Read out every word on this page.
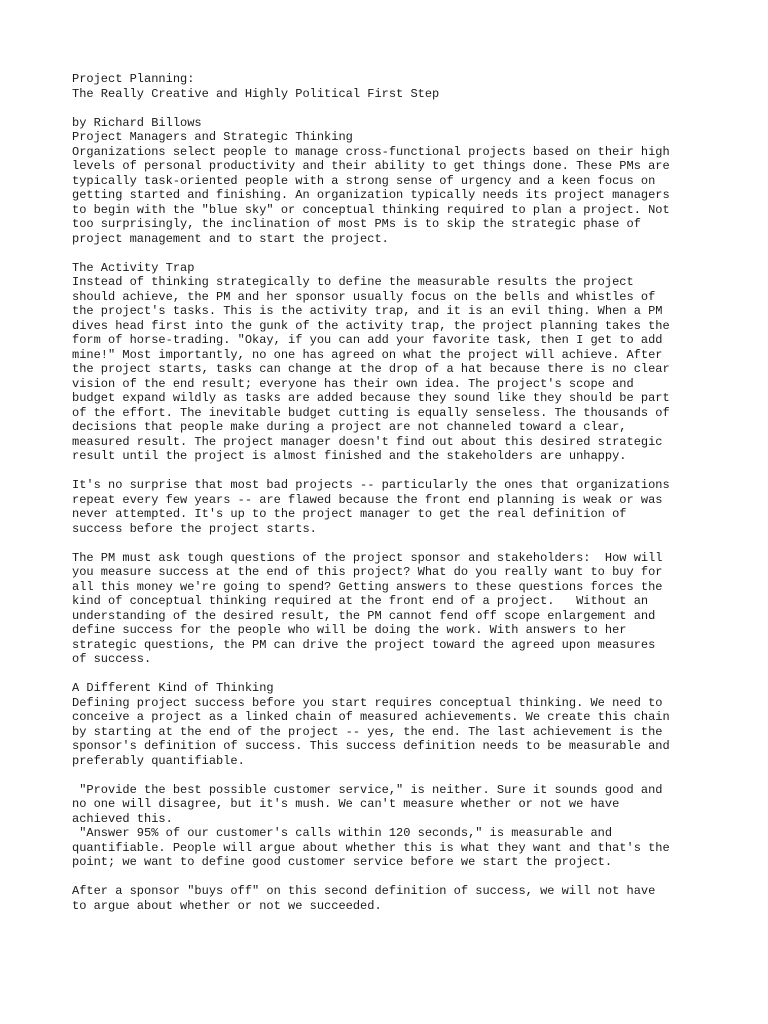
Project Planning:
The Really Creative and Highly Political First Step
by Richard Billows
Project Managers and Strategic Thinking
Organizations select people to manage cross-functional projects based on their high
levels of personal productivity and their ability to get things done. These PMs are
typically task-oriented people with a strong sense of urgency and a keen focus on
getting started and finishing. An organization typically needs its project managers
to begin with the "blue sky" or conceptual thinking required to plan a project. Not
too surprisingly, the inclination of most PMs is to skip the strategic phase of
project management and to start the project.
The Activity Trap
Instead of thinking strategically to define the measurable results the project
should achieve, the PM and her sponsor usually focus on the bells and whistles of
the project's tasks. This is the activity trap, and it is an evil thing. When a PM
dives head first into the gunk of the activity trap, the project planning takes the
form of horse-trading. "Okay, if you can add your favorite task, then I get to add
mine!" Most importantly, no one has agreed on what the project will achieve. After
the project starts, tasks can change at the drop of a hat because there is no clear
vision of the end result; everyone has their own idea. The project's scope and
budget expand wildly as tasks are added because they sound like they should be part
of the effort. The inevitable budget cutting is equally senseless. The thousands of
decisions that people make during a project are not channeled toward a clear,
measured result. The project manager doesn't find out about this desired strategic
result until the project is almost finished and the stakeholders are unhappy.
It's no surprise that most bad projects -- particularly the ones that organizations
repeat every few years -- are flawed because the front end planning is weak or was
never attempted. It's up to the project manager to get the real definition of
success before the project starts.
The PM must ask tough questions of the project sponsor and stakeholders:  How will
you measure success at the end of this project? What do you really want to buy for
all this money we're going to spend? Getting answers to these questions forces the
kind of conceptual thinking required at the front end of a project.   Without an
understanding of the desired result, the PM cannot fend off scope enlargement and
define success for the people who will be doing the work. With answers to her
strategic questions, the PM can drive the project toward the agreed upon measures
of success.
A Different Kind of Thinking
Defining project success before you start requires conceptual thinking. We need to
conceive a project as a linked chain of measured achievements. We create this chain
by starting at the end of the project -- yes, the end. The last achievement is the
sponsor's definition of success. This success definition needs to be measurable and
preferably quantifiable.
"Provide the best possible customer service," is neither. Sure it sounds good and
no one will disagree, but it's mush. We can't measure whether or not we have
achieved this.
"Answer 95% of our customer's calls within 120 seconds," is measurable and
quantifiable. People will argue about whether this is what they want and that's the
point; we want to define good customer service before we start the project.
After a sponsor "buys off" on this second definition of success, we will not have
to argue about whether or not we succeeded.
